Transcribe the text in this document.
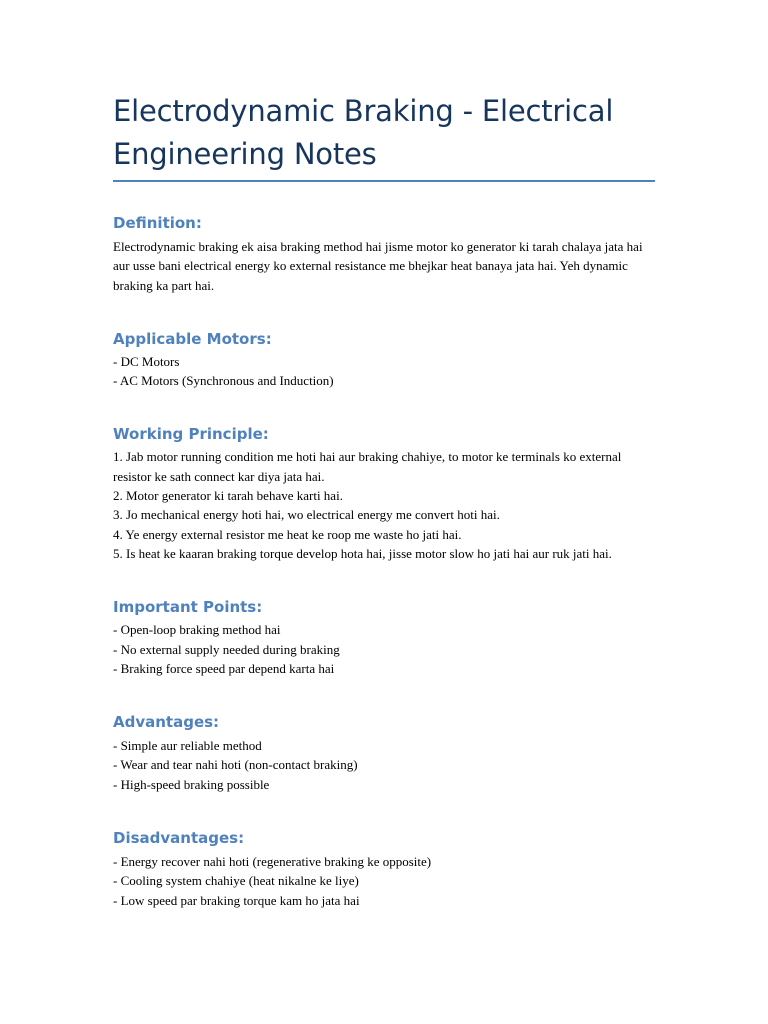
Electrodynamic Braking - Electrical Engineering Notes
Definition:

Electrodynamic braking ek aisa braking method hai jisme motor ko generator ki tarah chalaya jata hai aur usse bani electrical energy ko external resistance me bhejkar heat banaya jata hai. Yeh dynamic braking ka part hai.

Applicable Motors:

- DC Motors

- AC Motors (Synchronous and Induction)

Working Principle:

1. Jab motor running condition me hoti hai aur braking chahiye, to motor ke terminals ko external resistor ke sath connect kar diya jata hai.

2. Motor generator ki tarah behave karti hai.

3. Jo mechanical energy hoti hai, wo electrical energy me convert hoti hai.

4. Ye energy external resistor me heat ke roop me waste ho jati hai.

5. Is heat ke kaaran braking torque develop hota hai, jisse motor slow ho jati hai aur ruk jati hai.

Important Points:

- Open-loop braking method hai

- No external supply needed during braking

- Braking force speed par depend karta hai

Advantages:

- Simple aur reliable method

- Wear and tear nahi hoti (non-contact braking)

- High-speed braking possible

Disadvantages:

- Energy recover nahi hoti (regenerative braking ke opposite)

- Cooling system chahiye (heat nikalne ke liye)

- Low speed par braking torque kam ho jata hai
